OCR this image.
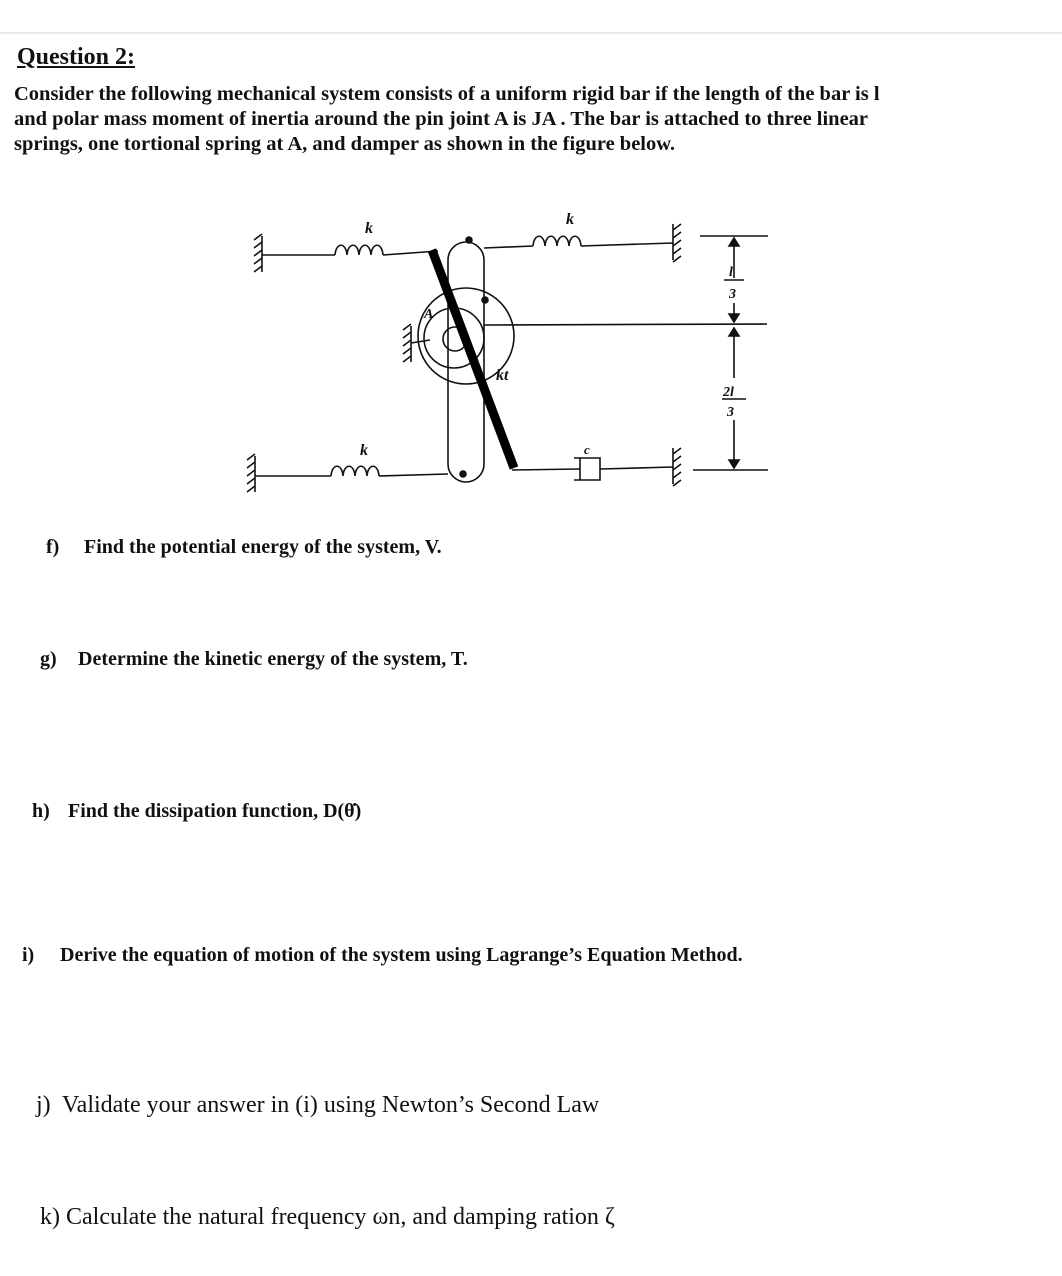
Question 2:

Consider the following mechanical system consists of a uniform rigid bar if the length of the bar is l

and polar mass moment of inertia around the pin joint A is JA . The bar is attached to three linear

springs, one tortional spring at A, and damper as shown in the figure below.

k
k
k
A
kt
c
l
3
2l
3
f) Find the potential energy of the system, V.
g) Determine the kinetic energy of the system, T.
h) Find the dissipation function, D(θ̇)
i) Derive the equation of motion of the system using Lagrange’s Equation Method.
j) Validate your answer in (i) using Newton’s Second Law
k) Calculate the natural frequency ωn, and damping ration ζ
